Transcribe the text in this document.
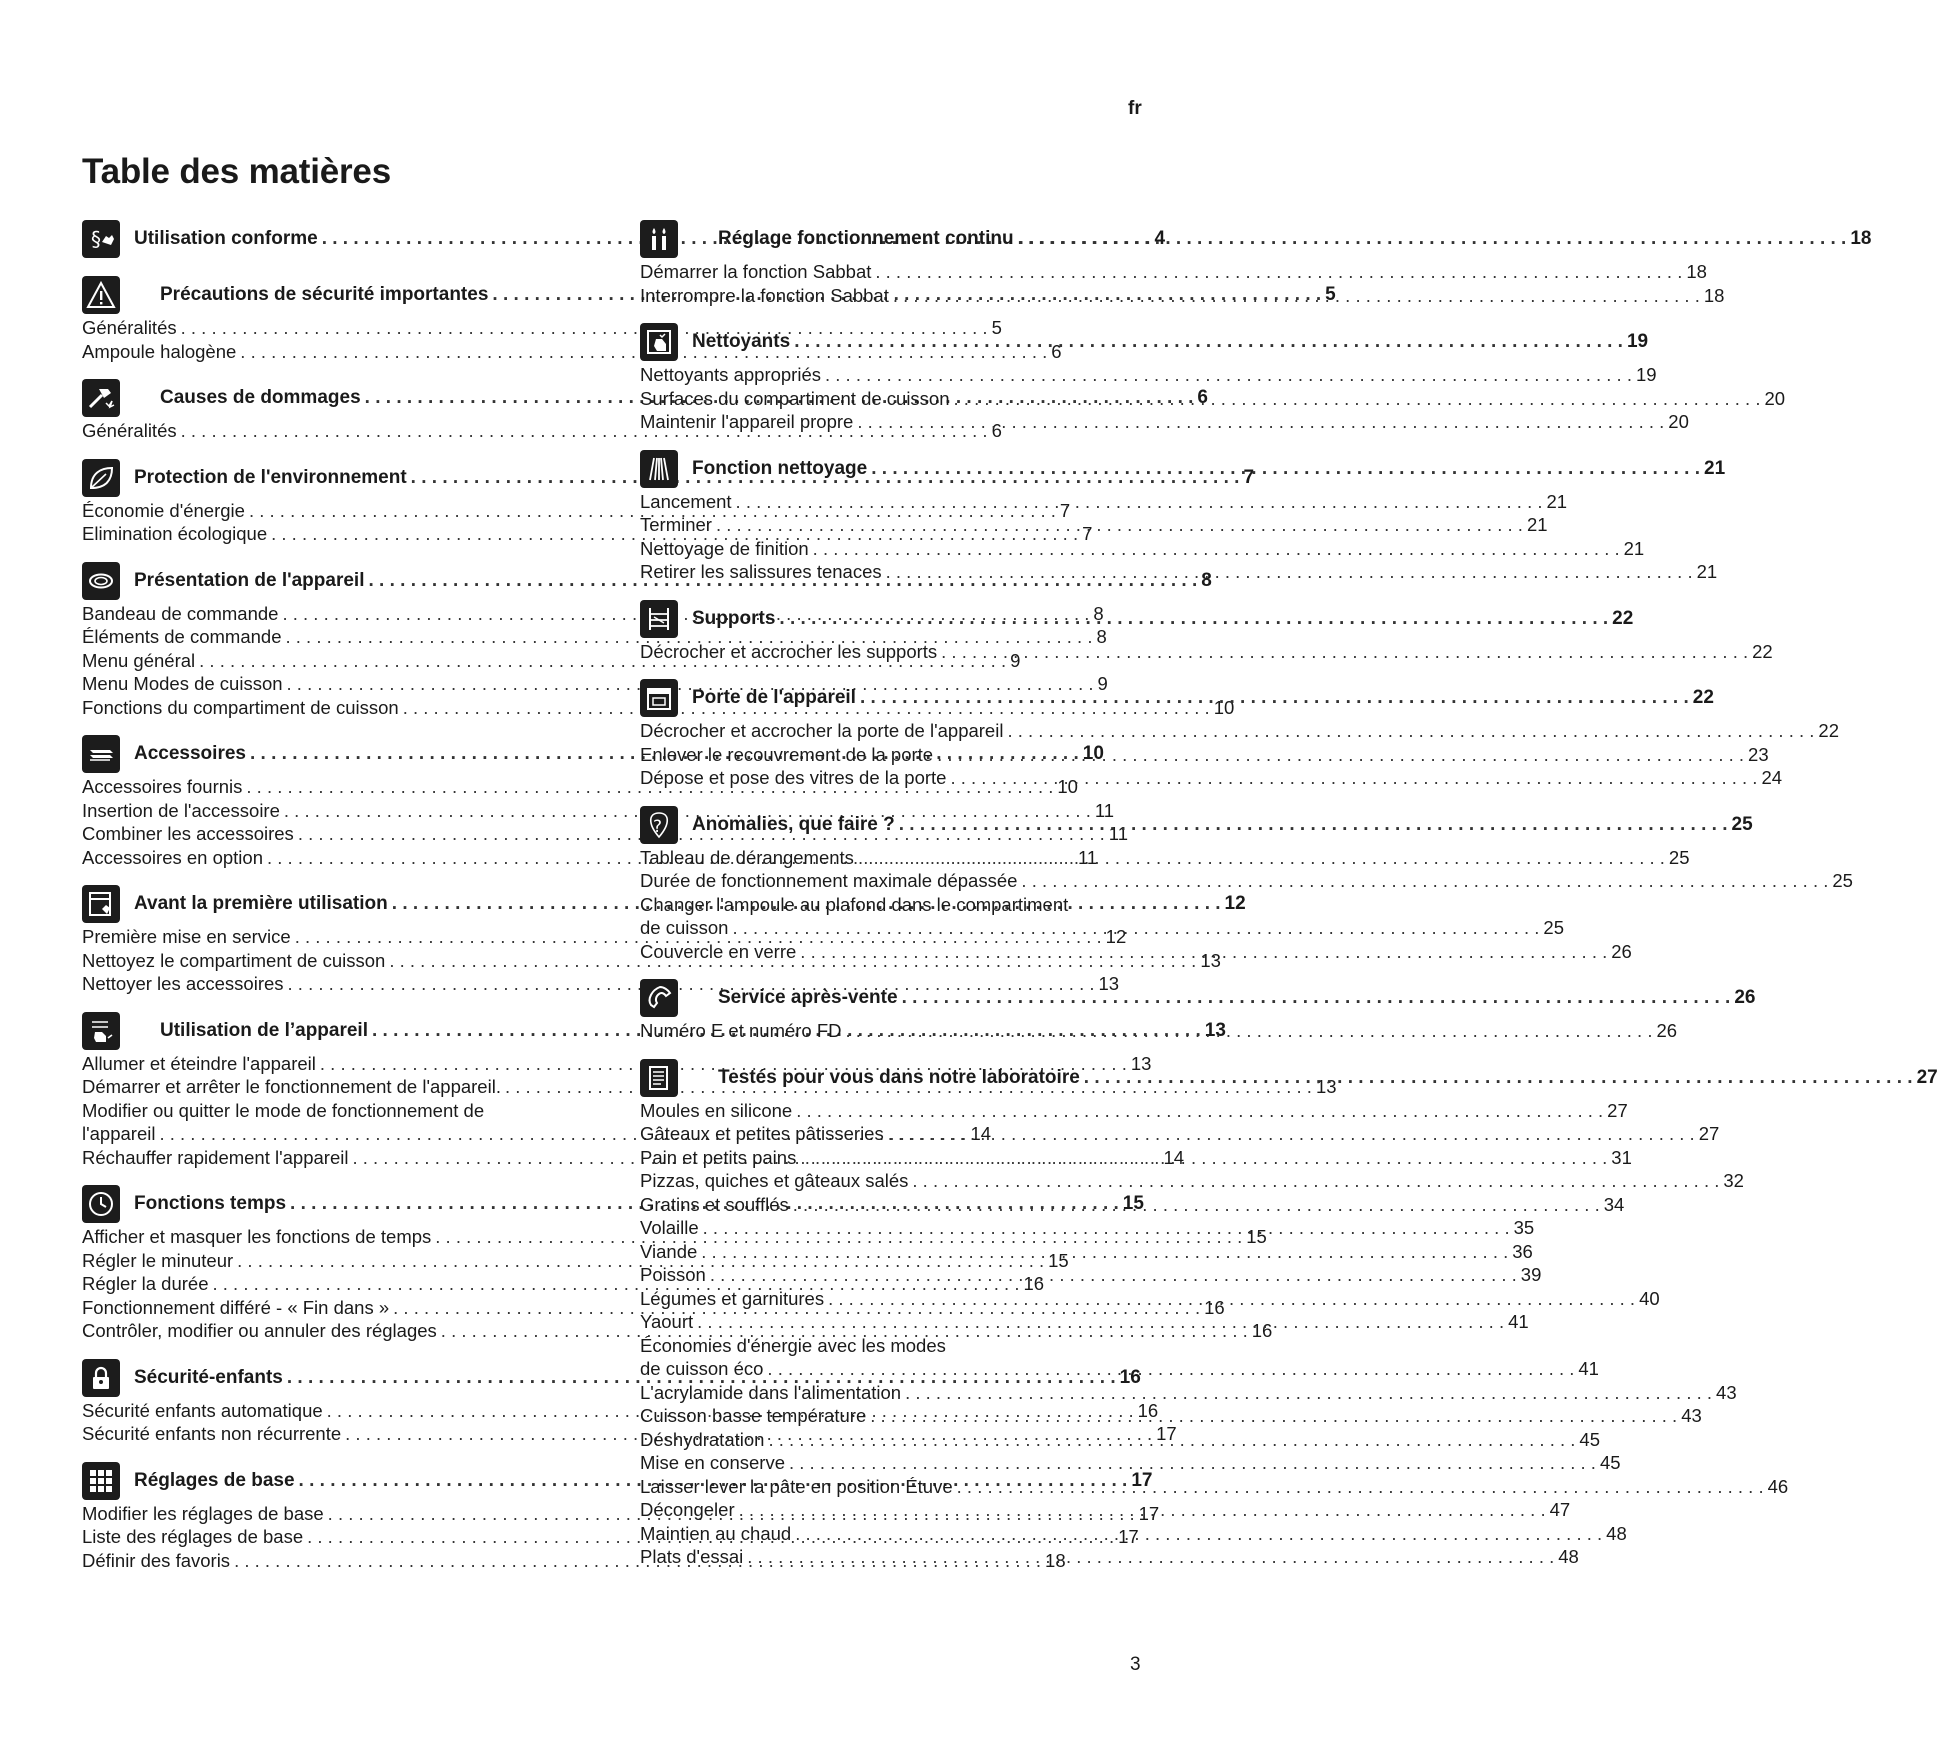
fr
Table des matières
§ Utilisation conforme . . .	4
Précautions de sécurité importantes . . .	5
Généralités . . .	5
Ampoule halogène . . .	6
Causes de dommages . . .	6
Généralités . . .	6
Protection de l'environnement . . .	7
Économie d'énergie . . .	7
Elimination écologique . . .	7
Présentation de l'appareil . . .	8
Bandeau de commande . . .	8
Éléments de commande . . .	8
Menu général . . .	9
Menu Modes de cuisson . . .	9
Fonctions du compartiment de cuisson . . .	10
Accessoires . . .	10
Accessoires fournis . . .	10
Insertion de l'accessoire . . .	11
Combiner les accessoires . . .	11
Accessoires en option . . .	11
Avant la première utilisation . . .	12
Première mise en service . . .	12
Nettoyez le compartiment de cuisson . . .	13
Nettoyer les accessoires . . .	13
Utilisation de l’appareil . . .	13
Allumer et éteindre l'appareil . . .	13
Démarrer et arrêter le fonctionnement de l'appareil. . . .	13
Modifier ou quitter le mode de fonctionnement de
l'appareil . . .	14
Réchauffer rapidement l'appareil . . .	14
Fonctions temps . . .	15
Afficher et masquer les fonctions de temps . . .	15
Régler le minuteur . . .	15
Régler la durée . . .	16
Fonctionnement différé - « Fin dans » . . .	16
Contrôler, modifier ou annuler des réglages . . .	16
Sécurité-enfants . . .	16
Sécurité enfants automatique . . .	16
Sécurité enfants non récurrente . . .	17
Réglages de base . . .	17
Modifier les réglages de base . . .	17
Liste des réglages de base . . .	17
Définir des favoris . . .	18
Réglage fonctionnement continu . . .	18
Démarrer la fonction Sabbat . . .	18
Interrompre la fonction Sabbat . . .	18
Nettoyants . . .	19
Nettoyants appropriés . . .	19
Surfaces du compartiment de cuisson . . .	20
Maintenir l'appareil propre . . .	20
Fonction nettoyage . . .	21
Lancement . . .	21
Terminer . . .	21
Nettoyage de finition . . .	21
Retirer les salissures tenaces . . .	21
Supports . . .	22
Décrocher et accrocher les supports . . .	22
Porte de l'appareil . . .	22
Décrocher et accrocher la porte de l'appareil . . .	22
Enlever le recouvrement de la porte . . .	23
Dépose et pose des vitres de la porte . . .	24
? Anomalies, que faire ? . . .	25
Tableau de dérangements . . .	25
Durée de fonctionnement maximale dépassée . . .	25
Changer l'ampoule au plafond dans le compartiment
de cuisson . . .	25
Couvercle en verre . . .	26
Service après-vente . . .	26
Numéro E et numéro FD . . .	26
Testés pour vous dans notre laboratoire . . .	27
Moules en silicone . . .	27
Gâteaux et petites pâtisseries . . .	27
Pain et petits pains . . .	31
Pizzas, quiches et gâteaux salés . . .	32
Gratins et soufflés . . .	34
Volaille . . .	35
Viande . . .	36
Poisson . . .	39
Légumes et garnitures . . .	40
Yaourt . . .	41
Économies d'énergie avec les modes
de cuisson éco . . .	41
L'acrylamide dans l'alimentation . . .	43
Cuisson basse température . . .	43
Déshydratation . . .	45
Mise en conserve . . .	45
Laisser lever la pâte en position Étuve . . .	46
Décongeler . . .	47
Maintien au chaud . . .	48
Plats d'essai . . .	48
3
